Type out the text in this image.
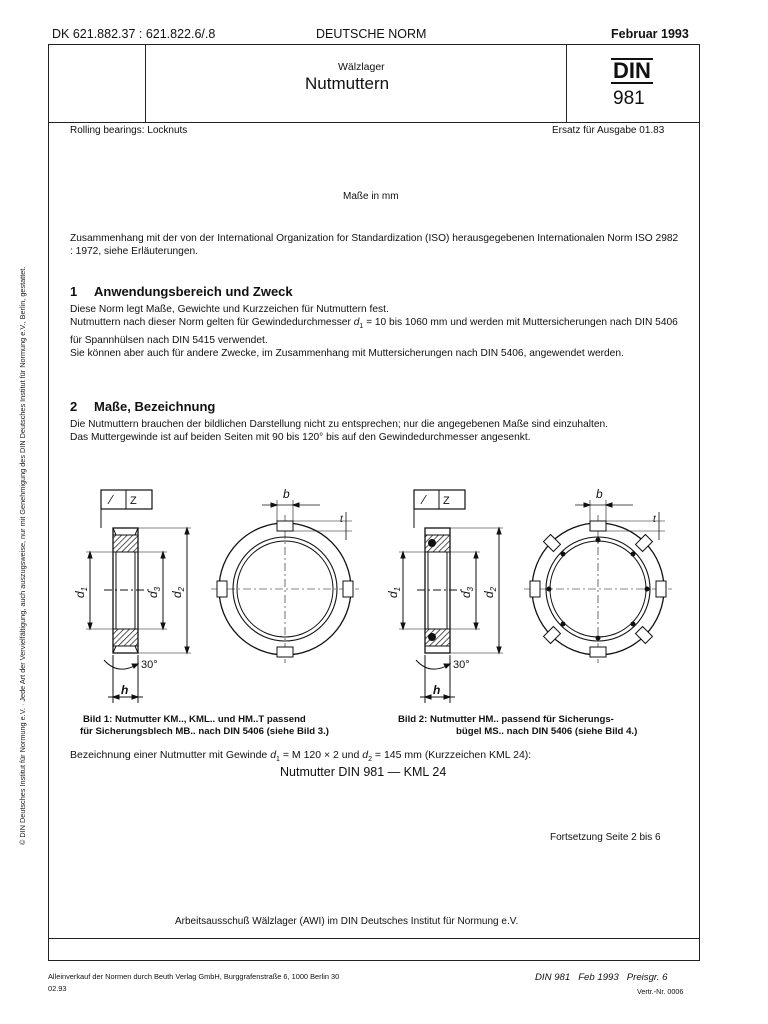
DK 621.882.37 : 621.822.6/.8	DEUTSCHE NORM	Februar 1993
Wälzlager
Nutmuttern
DIN
981
Rolling bearings: Locknuts	Ersatz für Ausgabe 01.83
Maße in mm
Zusammenhang mit der von der International Organization for Standardization (ISO) herausgegebenen Internationalen Norm ISO 2982 : 1972, siehe Erläuterungen.
1 Anwendungsbereich und Zweck
Diese Norm legt Maße, Gewichte und Kurzzeichen für Nutmuttern fest.
Nutmuttern nach dieser Norm gelten für Gewindedurchmesser $d_1 = 10$ bis 1060 mm und werden mit Muttersicherungen nach DIN 5406 für Spannhülsen nach DIN 5415 verwendet.
Sie können aber auch für andere Zwecke, im Zusammenhang mit Muttersicherungen nach DIN 5406, angewendet werden.
2 Maße, Bezeichnung
Die Nutmuttern brauchen der bildlichen Darstellung nicht zu entsprechen; nur die angegebenen Maße sind einzuhalten.
Das Muttergewinde ist auf beiden Seiten mit 90 bis 120° bis auf den Gewindedurchmesser angesenkt.
⁄ Z	⁄ Z
$d_1$
$d_3$
$d_2$
$d_1$
$d_3$
$d_2$
30°	30°
h	h
b	b
t	t
Bild 1: Nutmutter KM.., KML.. und HM..T passend
für Sicherungsblech MB.. nach DIN 5406 (siehe Bild 3.)
Bild 2: Nutmutter HM.. passend für Sicherungs-
bügel MS.. nach DIN 5406 (siehe Bild 4.)
Bezeichnung einer Nutmutter mit Gewinde $d_1 = M$ 120 × 2 und $d_2 = 145$ mm (Kurzzeichen KML 24):
Nutmutter DIN 981 — KML 24
Fortsetzung Seite 2 bis 6
Arbeitsausschuß Wälzlager (AWI) im DIN Deutsches Institut für Normung e.V.
© DIN Deutsches Institut für Normung e.V. · Jede Art der Vervielfältigung, auch auszugsweise, nur mit Genehmigung des DIN Deutsches Institut für Normung e.V., Berlin, gestattet.
Alleinverkauf der Normen durch Beuth Verlag GmbH, Burggrafenstraße 6, 1000 Berlin 30
02.93
DIN 981   Feb 1993   Preisgr. 6
Vertr.-Nr. 0006
